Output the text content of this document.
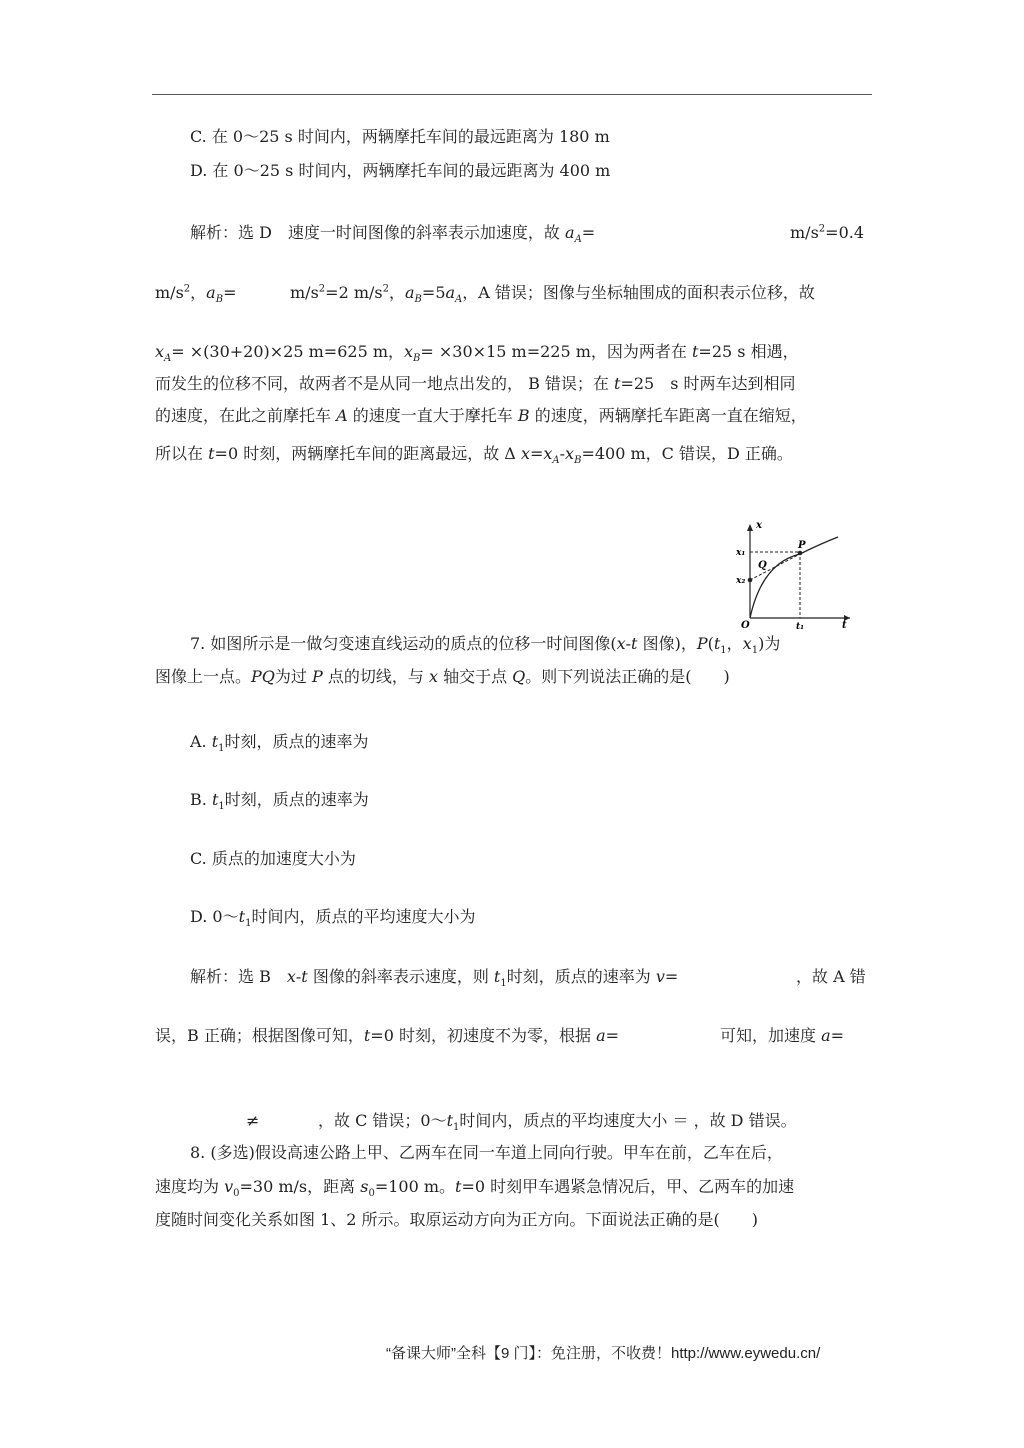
C. 在 0～25 s 时间内，两辆摩托车间的最远距离为 180 m
D. 在 0～25 s 时间内，两辆摩托车间的最远距离为 400 m
解析：选 D　速度一时间图像的斜率表示加速度，故 $a_A=$	$m/s^2=0.4$
$m/s^2$，$a_B=$	$m/s^2=2$ $m/s^2$，$a_B=5a_A$，A 错误；图像与坐标轴围成的面积表示位移，故
$x_A= \times(30+20)\times 25$ m=625 m，$x_B= \times 30\times 15$ m=225 m，因为两者在 t=25 s 相遇，
而发生的位移不同，故两者不是从同一地点出发的， B 错误；在 t=25　s 时两车达到相同
的速度，在此之前摩托车 A 的速度一直大于摩托车 B 的速度，两辆摩托车距离一直在缩短，
所以在 t=0 时刻，两辆摩托车间的距离最远，故 Δ $x=x_A-x_B=400$ m，C 错误，D 正确。
x
t
x₁
x₂
P
Q
O	t₁
7. 如图所示是一做匀变速直线运动的质点的位移一时间图像(x-t 图像)，$P(t_1$，$x_1$)为
图像上一点。PQ为过 P 点的切线，与 x 轴交于点 Q。则下列说法正确的是(　　)
A. $t_1$时刻，质点的速率为
B. $t_1$时刻，质点的速率为
C. 质点的加速度大小为
D. $0\sim t_1$时间内，质点的平均速度大小为
解析：选 B　x-t 图像的斜率表示速度，则 $t_1$时刻，质点的速率为 v=	，故 A 错
误，B 正确；根据图像可知，t=0 时刻，初速度不为零，根据 a=	可知，加速度 a=
≠	，故 C 错误；$0\sim t_1$时间内，质点的平均速度大小 ＝ ，故 D 错误。
8. (多选)假设高速公路上甲、乙两车在同一车道上同向行驶。甲车在前，乙车在后，
速度均为 $v_0=30$ m/s，距离 $s_0=100$ m。t=0 时刻甲车遇紧急情况后，甲、乙两车的加速
度随时间变化关系如图 1、2 所示。取原运动方向为正方向。下面说法正确的是(　　)
“备课大师”全科【9 门】：免注册，不收费！http://www.eywedu.cn/
